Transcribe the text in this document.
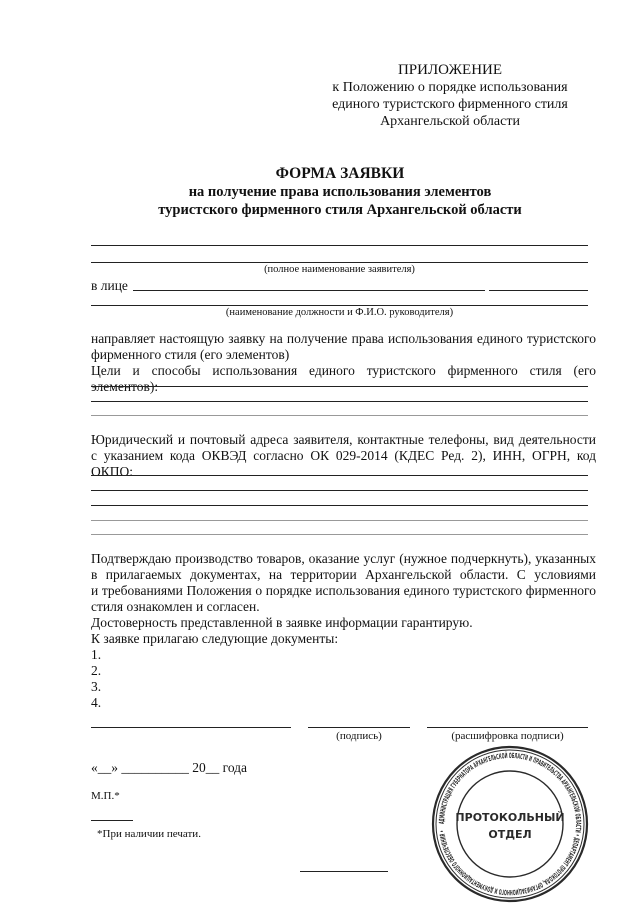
ПРИЛОЖЕНИЕ
к Положению о порядке использования
единого туристского фирменного стиля
Архангельской области
ФОРМА ЗАЯВКИ
на получение права использования элементов
туристского фирменного стиля Архангельской области
(полное наименование заявителя)
в лице
(наименование должности и Ф.И.О. руководителя)
направляет настоящую заявку на получение права использования единого туристского
фирменного стиля (его элементов)
Цели и способы использования единого туристского фирменного стиля (его элементов):
Юридический и почтовый адреса заявителя, контактные телефоны, вид деятельности
с указанием кода ОКВЭД согласно ОК 029-2014 (КДЕС Ред. 2), ИНН, ОГРН, код ОКПО:
Подтверждаю производство товаров, оказание услуг (нужное подчеркнуть), указанных
в прилагаемых документах, на территории Архангельской области. С условиями
и требованиями Положения о порядке использования единого туристского фирменного
стиля ознакомлен и согласен.
Достоверность представленной в заявке информации гарантирую.
К заявке прилагаю следующие документы:
1.
2.
3.
4.
(подпись)	(расшифровка подписи)
«__» __________ 20__ года
М.П.*
*При наличии печати.
АДМИНИСТРАЦИЯ ГУБЕРНАТОРА АРХАНГЕЛЬСКОЙ ОБЛАСТИ И ПРАВИТЕЛЬСТВА АРХАНГЕЛЬСКОЙ ОБЛАСТИ • ДЕПАРТАМЕНТ ПРОТОКОЛА, ОРГАНИЗАЦИОННОГО И ДОКУМЕНТАЦИОННОГО ОБЕСПЕЧЕНИЯ •
ПРОТОКОЛЬНЫЙ
ОТДЕЛ
